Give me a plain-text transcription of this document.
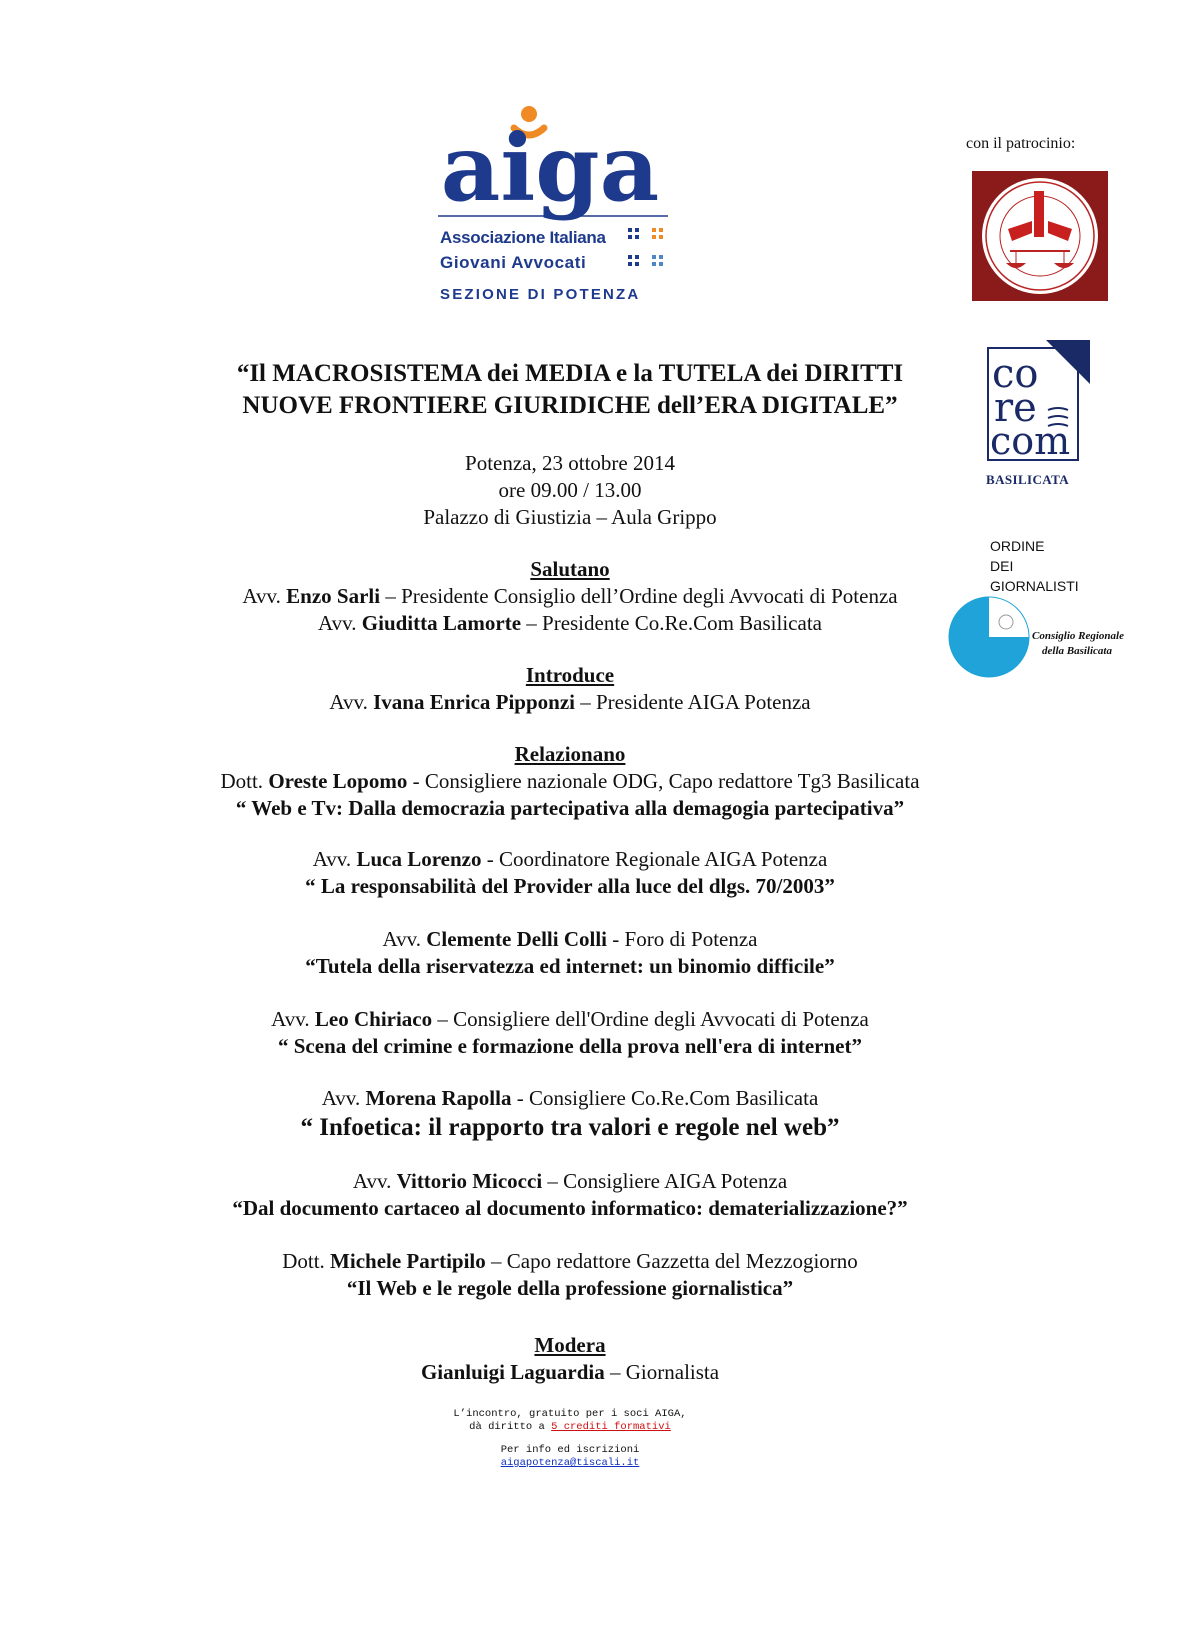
aiga
Associazione Italiana
Giovani Avvocati
SEZIONE DI POTENZA
con il patrocinio:
co
re
com
BASILICATA
ORDINE
DEI
GIORNALISTI
Consiglio Regionale
della Basilicata
“Il MACROSISTEMA dei MEDIA e la TUTELA dei DIRITTI
NUOVE FRONTIERE GIURIDICHE dell’ERA DIGITALE”
Potenza, 23 ottobre 2014
ore 09.00 / 13.00
Palazzo di Giustizia – Aula Grippo
Salutano
Avv. Enzo Sarli – Presidente Consiglio dell’Ordine degli Avvocati di Potenza
Avv. Giuditta Lamorte – Presidente Co.Re.Com Basilicata
Introduce
Avv. Ivana Enrica Pipponzi – Presidente AIGA Potenza
Relazionano
Dott. Oreste Lopomo - Consigliere nazionale ODG, Capo redattore Tg3 Basilicata
“ Web e Tv: Dalla democrazia partecipativa alla demagogia partecipativa”
Avv. Luca Lorenzo - Coordinatore Regionale AIGA Potenza
“ La responsabilità del Provider alla luce del dlgs. 70/2003”
Avv. Clemente Delli Colli - Foro di Potenza
“Tutela della riservatezza ed internet: un binomio difficile”
Avv. Leo Chiriaco – Consigliere dell'Ordine degli Avvocati di Potenza
“ Scena del crimine e formazione della prova nell'era di internet”
Avv. Morena Rapolla - Consigliere Co.Re.Com Basilicata
“ Infoetica: il rapporto tra valori e regole nel web”
Avv. Vittorio Micocci – Consigliere AIGA Potenza
“Dal documento cartaceo al documento informatico: dematerializzazione?”
Dott. Michele Partipilo – Capo redattore Gazzetta del Mezzogiorno
“Il Web e le regole della professione giornalistica”
Modera
Gianluigi Laguardia – Giornalista
L’incontro, gratuito per i soci AIGA,
dà diritto a 5 crediti formativi
Per info ed iscrizioni
aigapotenza@tiscali.it
